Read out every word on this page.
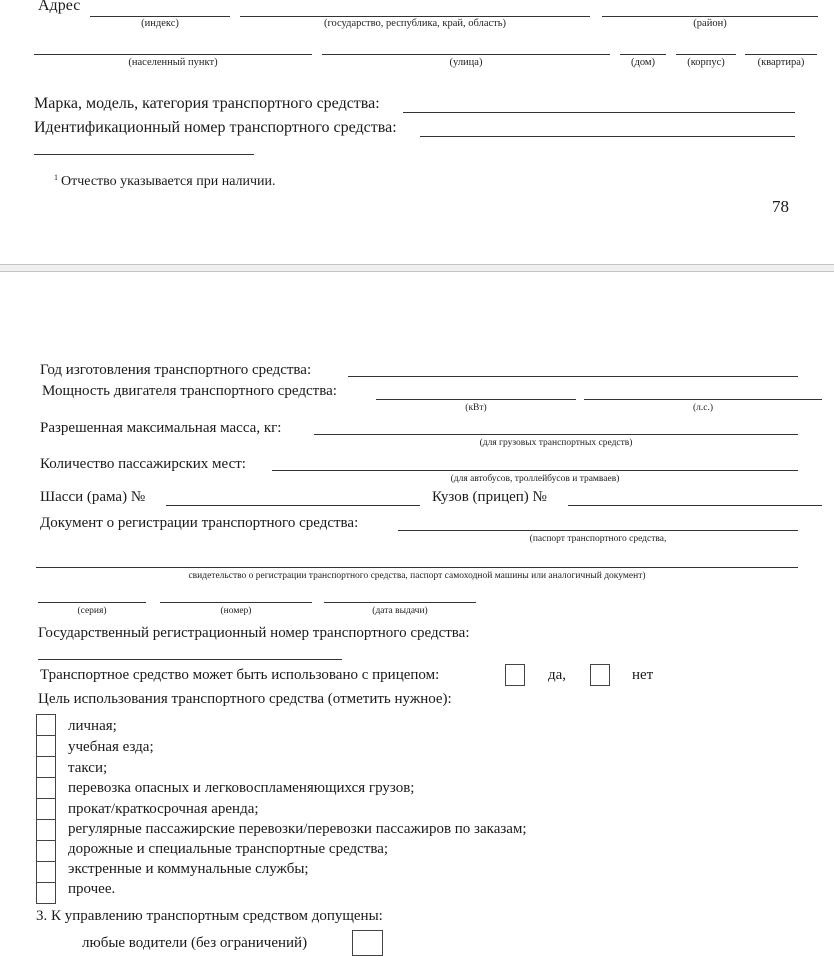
Адрес
(индекс)	(государство, республика, край, область)	(район)
(населенный пункт)	(улица)	(дом)	(корпус)	(квартира)
Марка, модель, категория транспортного средства:
Идентификационный номер транспортного средства:
$^1$ Отчество указывается при наличии.
78
Год изготовления транспортного средства:
Мощность двигателя транспортного средства:
(кВт)	(л.с.)
Разрешенная максимальная масса, кг:
(для грузовых транспортных средств)
Количество пассажирских мест:
(для автобусов, троллейбусов и трамваев)
Шасси (рама) №	Кузов (прицеп) №
Документ о регистрации транспортного средства:
(паспорт транспортного средства,
свидетельство о регистрации транспортного средства, паспорт самоходной машины или аналогичный документ)
(серия)	(номер)	(дата выдачи)
Государственный регистрационный номер транспортного средства:
Транспортное средство может быть использовано с прицепом:	да,	нет
Цель использования транспортного средства (отметить нужное):
личная;
учебная езда;
такси;
перевозка опасных и легковоспламеняющихся грузов;
прокат/краткосрочная аренда;
регулярные пассажирские перевозки/перевозки пассажиров по заказам;
дорожные и специальные транспортные средства;
экстренные и коммунальные службы;
прочее.
3. К управлению транспортным средством допущены:
любые водители (без ограничений)
